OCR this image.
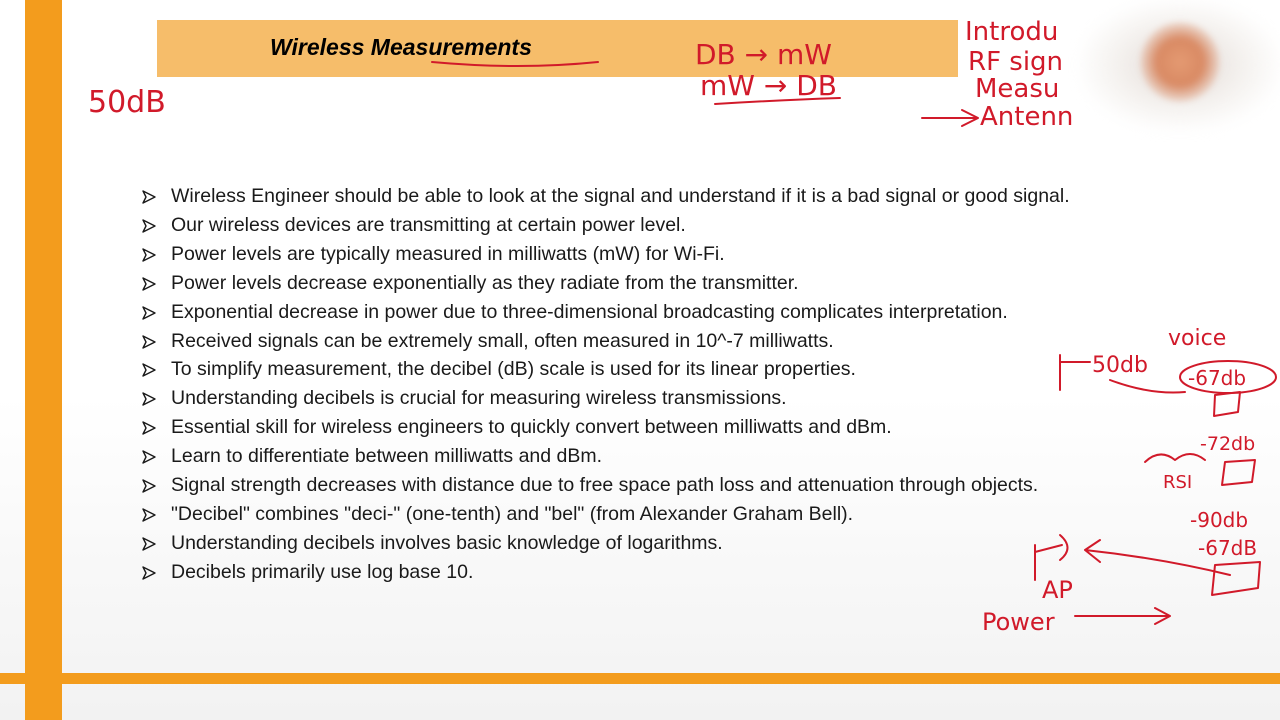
Wireless Measurements
Wireless Engineer should be able to look at the signal and understand if it is a bad signal or good signal.
Our wireless devices are transmitting at certain power level.
Power levels are typically measured in milliwatts (mW) for Wi-Fi.
Power levels decrease exponentially as they radiate from the transmitter.
Exponential decrease in power due to three-dimensional broadcasting complicates interpretation.
Received signals can be extremely small, often measured in 10^-7 milliwatts.
To simplify measurement, the decibel (dB) scale is used for its linear properties.
Understanding decibels is crucial for measuring wireless transmissions.
Essential skill for wireless engineers to quickly convert between milliwatts and dBm.
Learn to differentiate between milliwatts and dBm.
Signal strength decreases with distance due to free space path loss and attenuation through objects.
"Decibel" combines "deci-" (one-tenth) and "bel" (from Alexander Graham Bell).
Understanding decibels involves basic knowledge of logarithms.
Decibels primarily use log base 10.
50dB
DB → mW
mW → DB
Introdu
RF sign
Measu
Antenn
voice
50db -67db
-72db
RSI
-90db
-67dB
AP
Power
